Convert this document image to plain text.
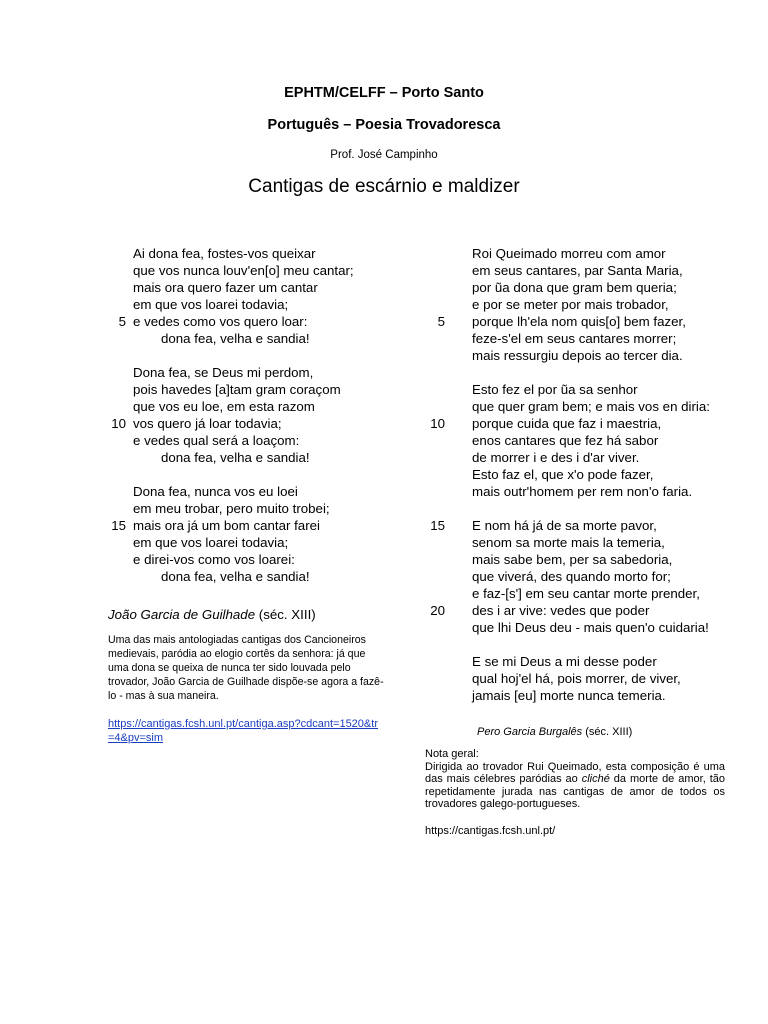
EPHTM/CELFF – Porto Santo
Português – Poesia Trovadoresca
Prof. José Campinho
Cantigas de escárnio e maldizer
Ai dona fea, fostes-vos queixar
que vos nunca louv'en[o] meu cantar;
mais ora quero fazer um cantar
em que vos loarei todavia;
5 e vedes como vos quero loar:
dona fea, velha e sandia!
Dona fea, se Deus mi perdom,
pois havedes [a]tam gram coraçom
que vos eu loe, em esta razom
10 vos quero já loar todavia;
e vedes qual será a loaçom:
dona fea, velha e sandia!
Dona fea, nunca vos eu loei
em meu trobar, pero muito trobei;
15 mais ora já um bom cantar farei
em que vos loarei todavia;
e direi-vos como vos loarei:
dona fea, velha e sandia!
João Garcia de Guilhade (séc. XIII)
Uma das mais antologiadas cantigas dos Cancioneiros medievais, paródia ao elogio cortês da senhora: já que uma dona se queixa de nunca ter sido louvada pelo trovador, João Garcia de Guilhade dispõe-se agora a fazê-lo - mas à sua maneira.
https://cantigas.fcsh.unl.pt/cantiga.asp?cdcant=1520&tr=4&pv=sim
Roi Queimado morreu com amor
em seus cantares, par Santa Maria,
por ũa dona que gram bem queria;
e por se meter por mais trobador,
5 porque lh'ela nom quis[o] bem fazer,
feze-s'el em seus cantares morrer;
mais ressurgiu depois ao tercer dia.
Esto fez el por ũa sa senhor
que quer gram bem; e mais vos en diria:
10 porque cuida que faz i maestria,
enos cantares que fez há sabor
de morrer i e des i d'ar viver.
Esto faz el, que x'o pode fazer,
mais outr'homem per rem non'o faria.
15 E nom há já de sa morte pavor,
senom sa morte mais la temeria,
mais sabe bem, per sa sabedoria,
que viverá, des quando morto for;
e faz-[s'] em seu cantar morte prender,
20 des i ar vive: vedes que poder
que lhi Deus deu - mais quen'o cuidaria!
E se mi Deus a mi desse poder
qual hoj'el há, pois morrer, de viver,
jamais [eu] morte nunca temeria.
Pero Garcia Burgalês (séc. XIII)
Nota geral:
Dirigida ao trovador Rui Queimado, esta composição é uma das mais célebres paródias ao cliché da morte de amor, tão repetidamente jurada nas cantigas de amor de todos os trovadores galego-portugueses.
https://cantigas.fcsh.unl.pt/
